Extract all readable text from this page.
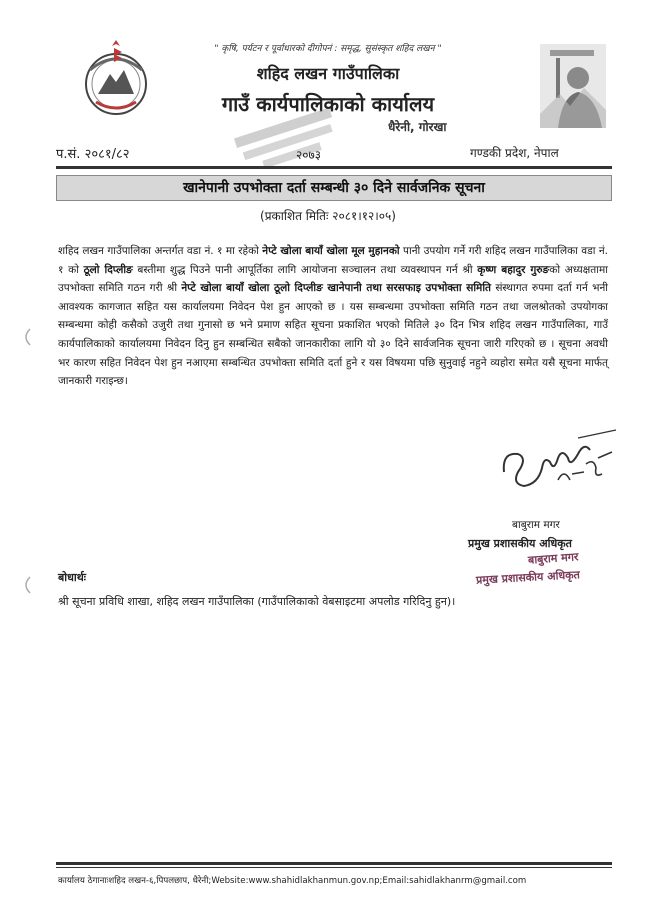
" कृषि, पर्यटन र पूर्वाधारको दीगोपनं : समृद्ध, सुसंस्कृत शहिद लखन "
शहिद लखन गाउँपालिका
गाउँ कार्यपालिकाको कार्यालय
धैरेनी, गोरखा
प.सं. २०८१/८२	२०७३	गण्डकी प्रदेश, नेपाल
खानेपानी उपभोक्ता दर्ता सम्बन्धी ३० दिने सार्वजनिक सूचना
(प्रकाशित मितिः २०८१।१२।०५)
शहिद लखन गाउँपालिका अन्तर्गत वडा नं. १ मा रहेको नेप्टे खोला बायाँ खोला मूल मुहानको पानी उपयोग गर्ने गरी शहिद लखन गाउँपालिका वडा नं. १ को ठूलो दिप्लीङ बस्तीमा शुद्ध पिउने पानी आपूर्तिका लागि आयोजना सञ्चालन तथा व्यवस्थापन गर्न श्री कृष्ण बहादुर गुरुङको अध्यक्षतामा उपभोक्ता समिति गठन गरी श्री नेप्टे खोला बायाँ खोला ठूलो दिप्लीङ खानेपानी तथा सरसफाइ उपभोक्ता समिति संस्थागत रुपमा दर्ता गर्न भनी आवश्यक कागजात सहित यस कार्यालयमा निवेदन पेश हुन आएको छ । यस सम्बन्धमा उपभोक्ता समिति गठन तथा जलश्रोतको उपयोगका सम्बन्धमा कोही कसैको उजुरी तथा गुनासो छ भने प्रमाण सहित सूचना प्रकाशित भएको मितिले ३० दिन भित्र शहिद लखन गाउँपालिका, गाउँ कार्यपालिकाको कार्यालयमा निवेदन दिनु हुन सम्बन्धित सबैको जानकारीका लागि यो ३० दिने सार्वजनिक सूचना जारी गरिएको छ । सूचना अवधी भर कारण सहित निवेदन पेश हुन नआएमा सम्बन्धित उपभोक्ता समिति दर्ता हुने र यस विषयमा पछि सुनुवाई नहुने व्यहोरा समेत यसै सूचना मार्फत् जानकारी गराइन्छ।
बाबुराम मगर
प्रमुख प्रशासकीय अधिकृत
बाबुराम मगर
प्रमुख प्रशासकीय अधिकृत
बोधार्थः
श्री सूचना प्रविधि शाखा, शहिद लखन गाउँपालिका (गाउँपालिकाको वेबसाइटमा अपलोड गरिदिनु हुन)।
कार्यालय ठेगानाःशहिद लखन-६,पिपलछाप, धैरेनी;Website:www.shahidlakhanmun.gov.np;Email:sahidlakhanrm@gmail.com
